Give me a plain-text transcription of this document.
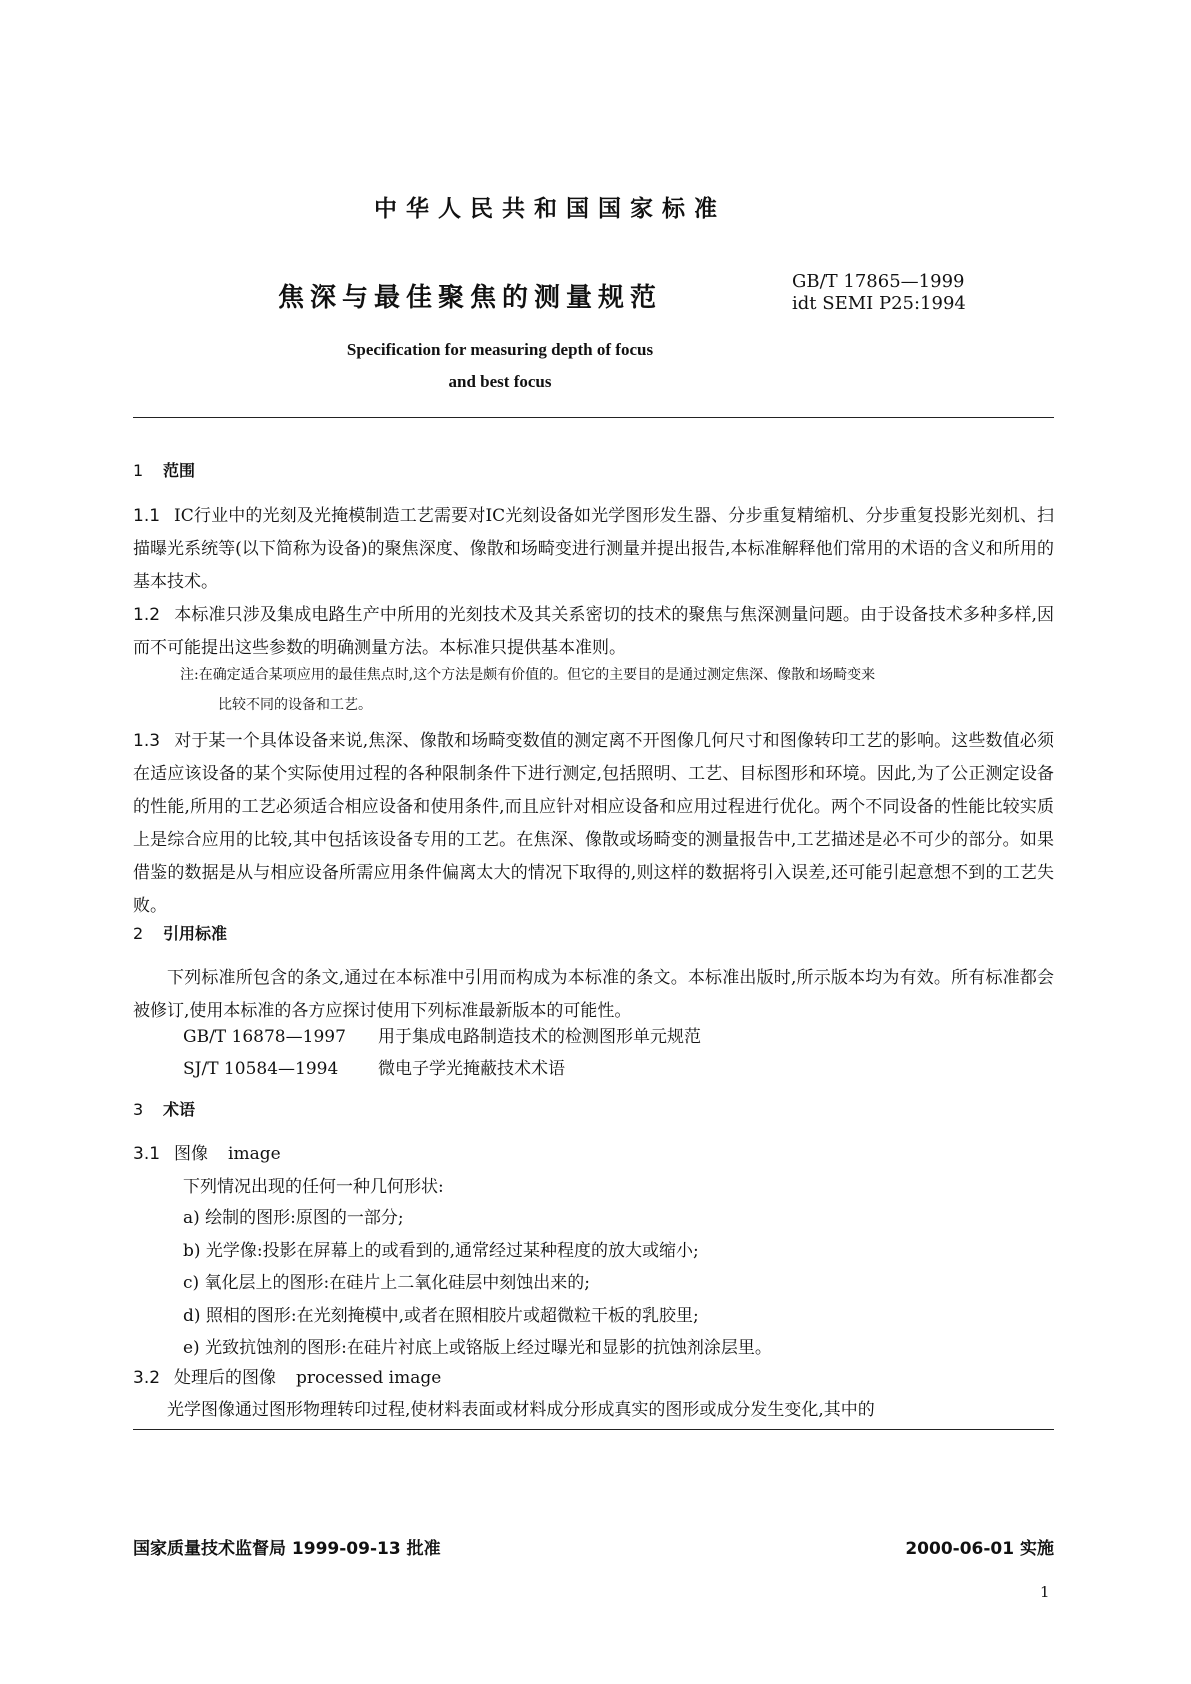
中华人民共和国国家标准
焦深与最佳聚焦的测量规范
GB/T 17865—1999
idt SEMI P25:1994
Specification for measuring depth of focus
and best focus
1 范围
1.1 IC行业中的光刻及光掩模制造工艺需要对IC光刻设备如光学图形发生器、分步重复精缩机、分步重复投影光刻机、扫描曝光系统等(以下简称为设备)的聚焦深度、像散和场畸变进行测量并提出报告,本标准解释他们常用的术语的含义和所用的基本技术。
1.2 本标准只涉及集成电路生产中所用的光刻技术及其关系密切的技术的聚焦与焦深测量问题。由于设备技术多种多样,因而不可能提出这些参数的明确测量方法。本标准只提供基本准则。
注:在确定适合某项应用的最佳焦点时,这个方法是颇有价值的。但它的主要目的是通过测定焦深、像散和场畸变来
比较不同的设备和工艺。
1.3 对于某一个具体设备来说,焦深、像散和场畸变数值的测定离不开图像几何尺寸和图像转印工艺的影响。这些数值必须在适应该设备的某个实际使用过程的各种限制条件下进行测定,包括照明、工艺、目标图形和环境。因此,为了公正测定设备的性能,所用的工艺必须适合相应设备和使用条件,而且应针对相应设备和应用过程进行优化。两个不同设备的性能比较实质上是综合应用的比较,其中包括该设备专用的工艺。在焦深、像散或场畸变的测量报告中,工艺描述是必不可少的部分。如果借鉴的数据是从与相应设备所需应用条件偏离太大的情况下取得的,则这样的数据将引入误差,还可能引起意想不到的工艺失败。
2 引用标准
下列标准所包含的条文,通过在本标准中引用而构成为本标准的条文。本标准出版时,所示版本均为有效。所有标准都会被修订,使用本标准的各方应探讨使用下列标准最新版本的可能性。
GB/T 16878—1997 用于集成电路制造技术的检测图形单元规范
SJ/T 10584—1994 微电子学光掩蔽技术术语
3 术语
3.1 图像 image
下列情况出现的任何一种几何形状:
a) 绘制的图形:原图的一部分;
b) 光学像:投影在屏幕上的或看到的,通常经过某种程度的放大或缩小;
c) 氧化层上的图形:在硅片上二氧化硅层中刻蚀出来的;
d) 照相的图形:在光刻掩模中,或者在照相胶片或超微粒干板的乳胶里;
e) 光致抗蚀剂的图形:在硅片衬底上或铬版上经过曝光和显影的抗蚀剂涂层里。
3.2 处理后的图像 processed image
光学图像通过图形物理转印过程,使材料表面或材料成分形成真实的图形或成分发生变化,其中的
国家质量技术监督局 1999-09-13 批准	2000-06-01 实施
1
